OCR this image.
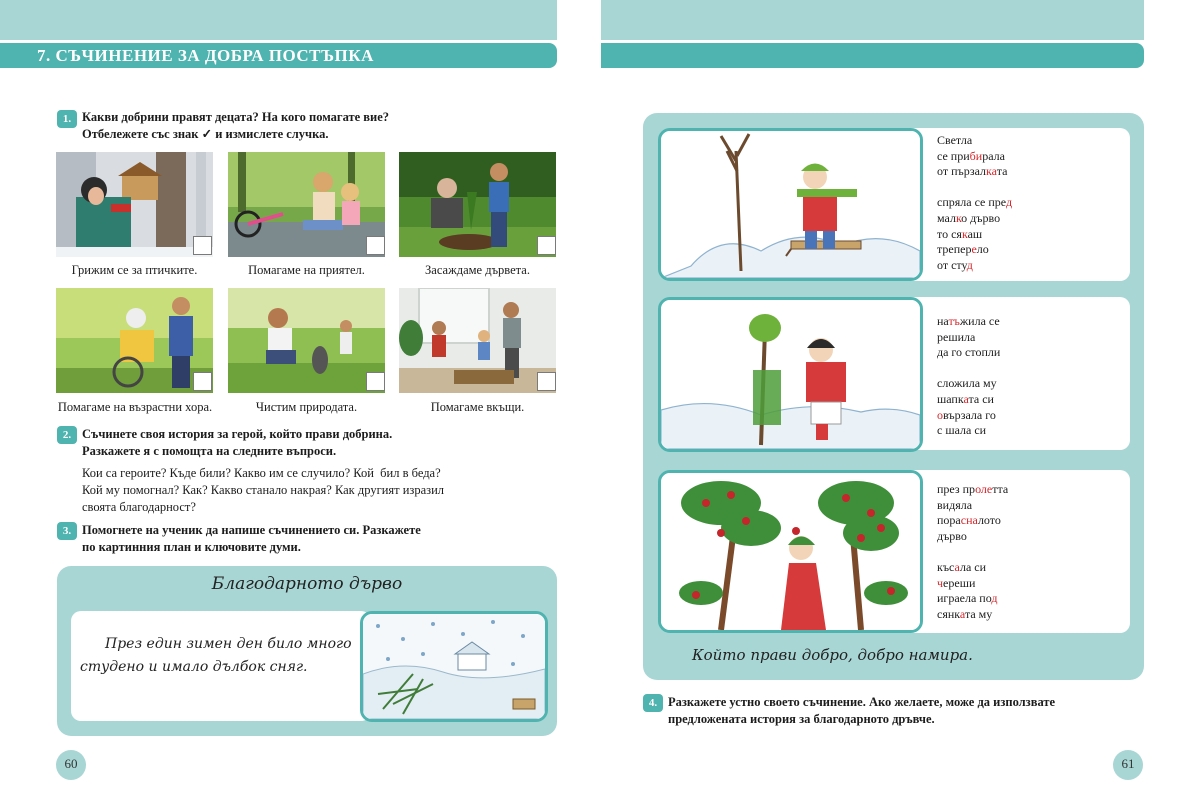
7. СЪЧИНЕНИЕ ЗА ДОБРА ПОСТЪПКА
1. Какви добрини правят децата? На кого помагате вие?
Отбележете със знак ✓ и измислете случка.
Грижим се за птичките.	Помагаме на приятел.	Засаждаме дървета.
Помагаме на възрастни хора.	Чистим природата.	Помагаме вкъщи.
2. Съчинете своя история за герой, който прави добрина.
Разкажете я с помощта на следните въпроси.
Кои са героите? Къде били? Какво им се случило? Кой  бил в беда?
Кой му помогнал? Как? Какво станало накрая? Как другият изразил
своята благодарност?
3. Помогнете на ученик да напише съчинението си. Разкажете
по картинния план и ключовите думи.
Благодарното дърво
През един зимен ден било много
студено и имало дълбок сняг.
60
Светла
се прибирала
от пързалката
спряла се пред
малко дърво
то сякаш
треперело
от студ
натъжила се
решила
да го стопли
сложила му
шапката си
овързала го
с шала си
през пролетта
видяла
порасналото
дърво
късала си
череши
играела под
сянката му
Който прави добро, добро намира.
4. Разкажете устно своето съчинение. Ако желаете, може да използвате
предложената история за благодарното дръвче.
61
